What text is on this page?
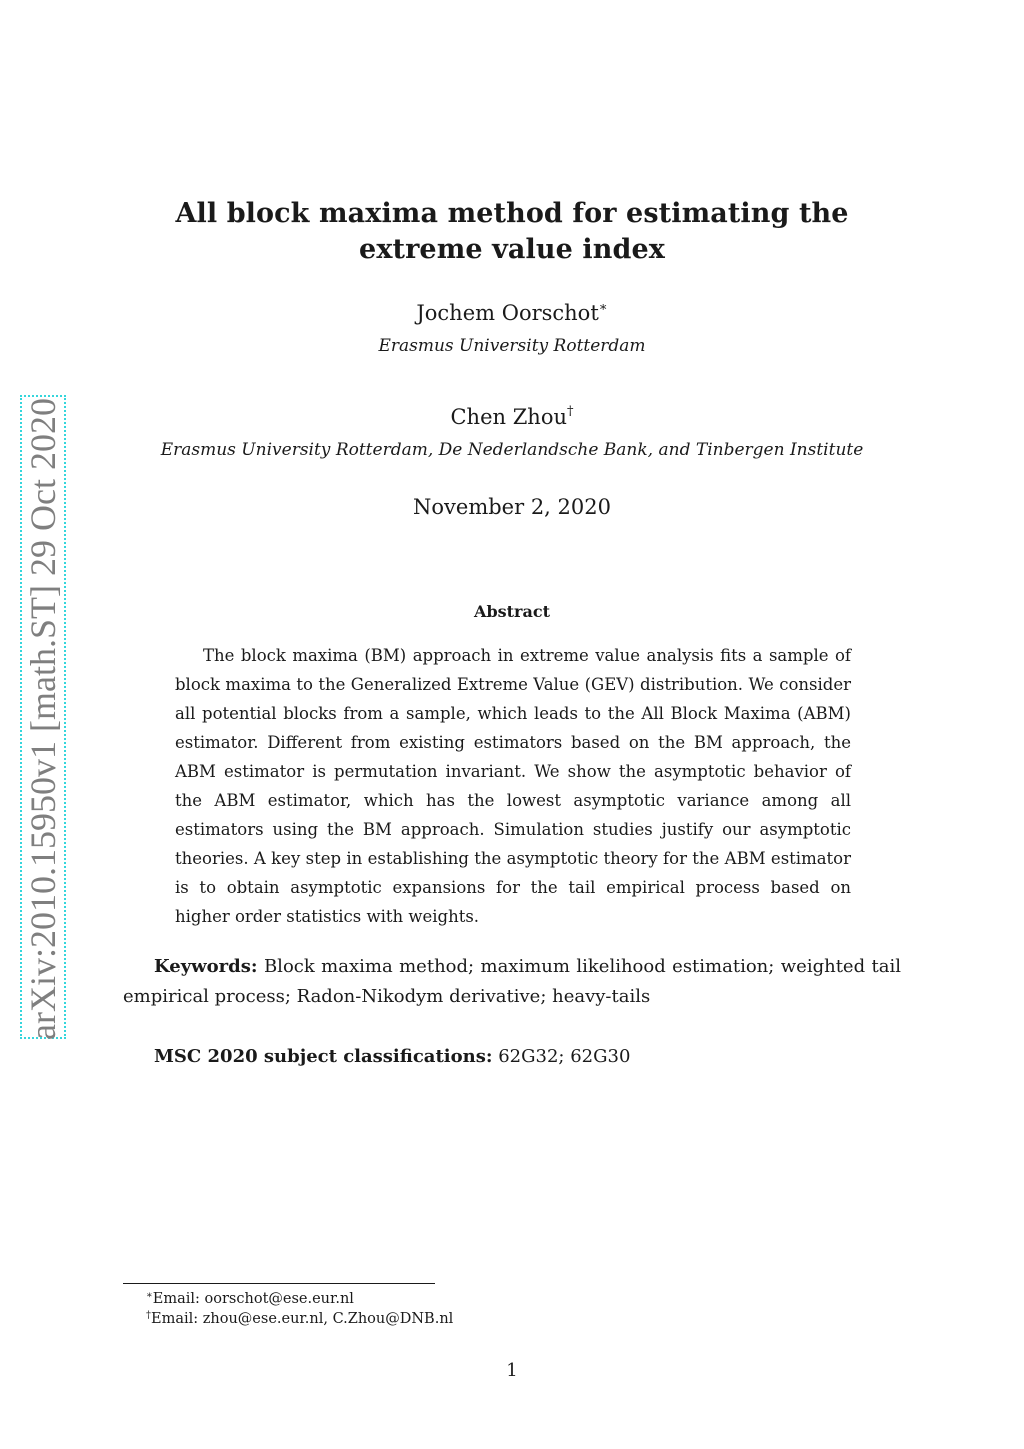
arXiv:2010.15950v1 [math.ST] 29 Oct 2020
All block maxima method for estimating the extreme value index
Jochem Oorschot∗
Erasmus University Rotterdam
Chen Zhou†
Erasmus University Rotterdam, De Nederlandsche Bank, and Tinbergen Institute
November 2, 2020
Abstract
The block maxima (BM) approach in extreme value analysis fits a sample of block maxima to the Generalized Extreme Value (GEV) distribution. We consider all potential blocks from a sample, which leads to the All Block Maxima (ABM) estimator. Different from existing estimators based on the BM approach, the ABM estimator is permutation invariant. We show the asymptotic behavior of the ABM estimator, which has the lowest asymptotic variance among all estimators using the BM approach. Simulation studies justify our asymptotic theories. A key step in establishing the asymptotic theory for the ABM estimator is to obtain asymptotic expansions for the tail empirical process based on higher order statistics with weights.
Keywords: Block maxima method; maximum likelihood estimation; weighted tail empirical process; Radon-Nikodym derivative; heavy-tails
MSC 2020 subject classifications: 62G32; 62G30
∗Email: oorschot@ese.eur.nl
†Email: zhou@ese.eur.nl, C.Zhou@DNB.nl
1
